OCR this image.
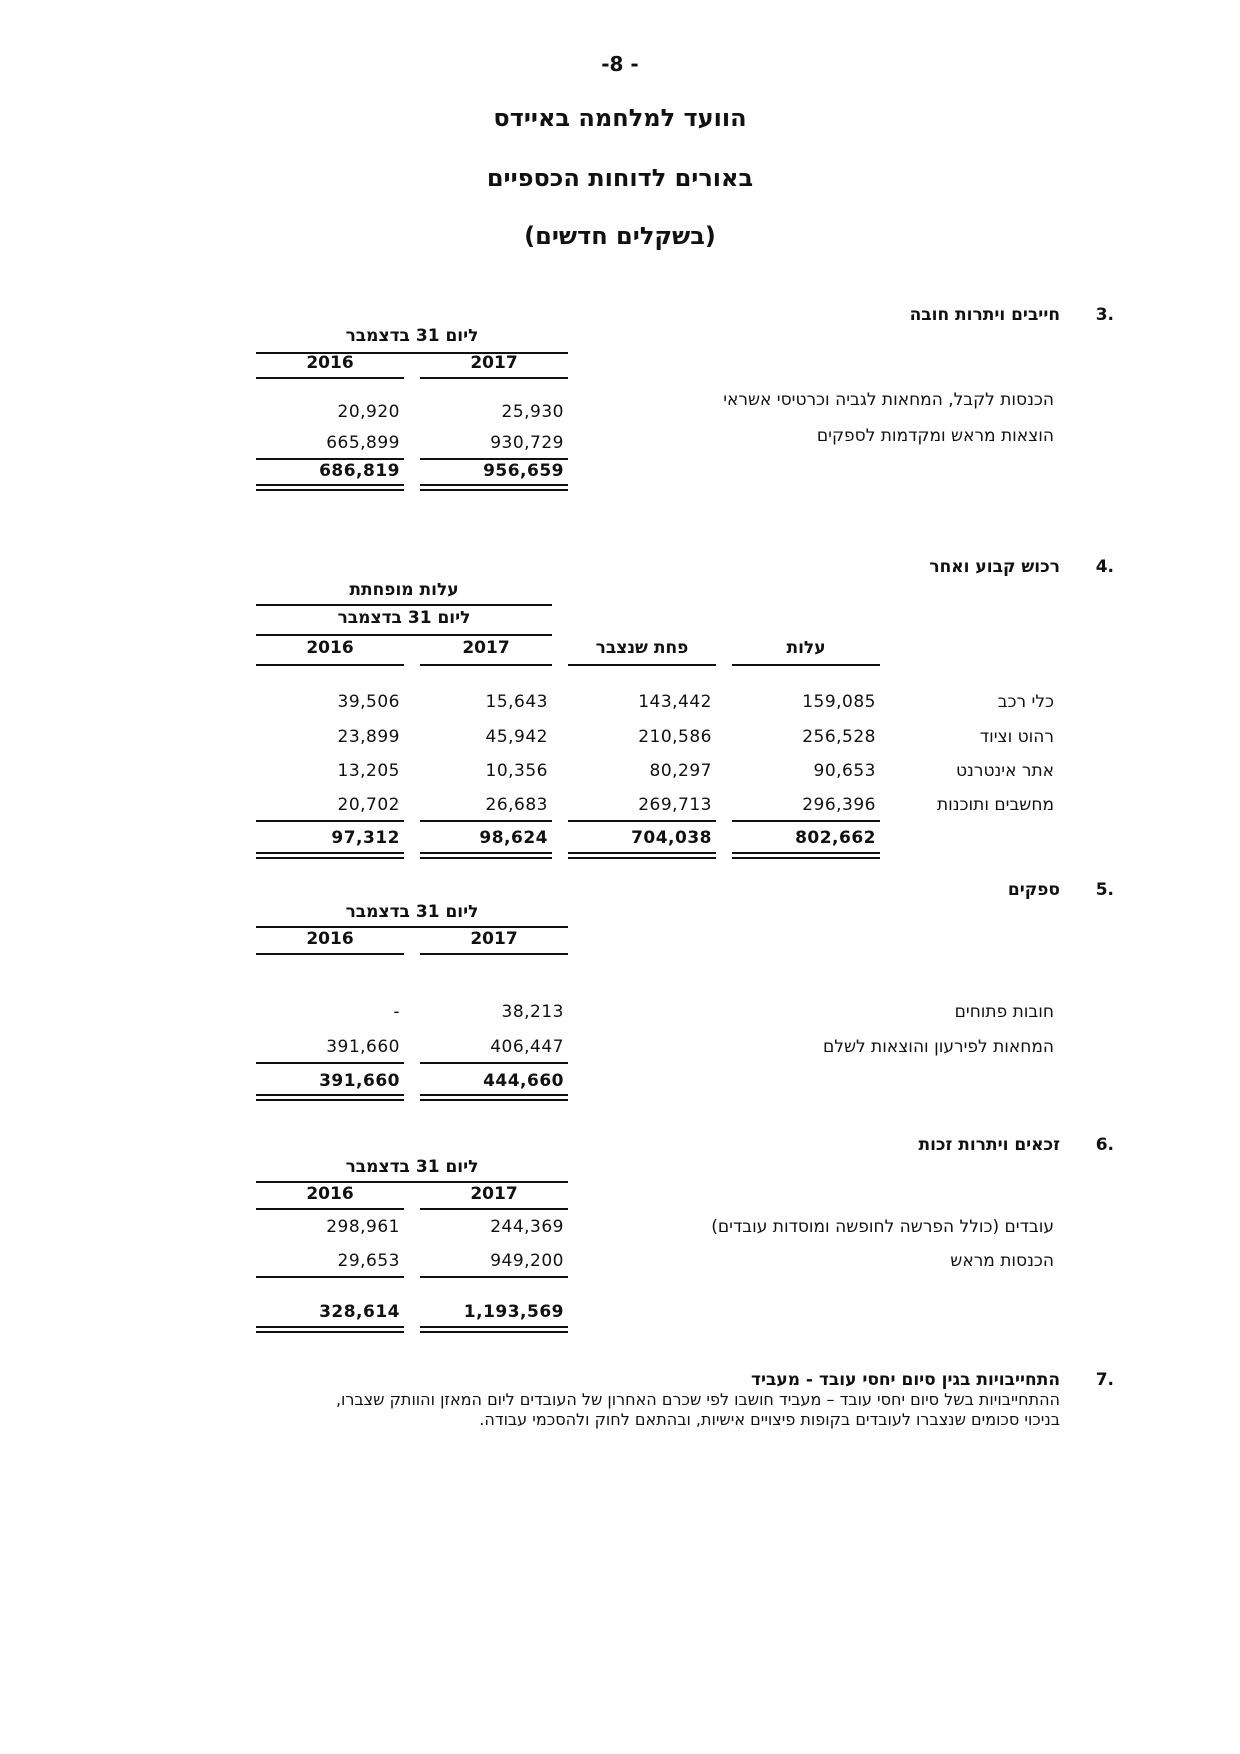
-8 -
הוועד למלחמה באיידס
באורים לדוחות הכספיים
(בשקלים חדשים)
3.
חייבים ויתרות חובה
ליום 31 בדצמבר
2017
2016
הכנסות לקבל, המחאות לגביה וכרטיסי אשראי
25,930
20,920
הוצאות מראש ומקדמות לספקים
930,729
665,899
956,659
686,819
4.
רכוש קבוע ואחר
עלות מופחתת
ליום 31 בדצמבר
עלות
פחת שנצבר
2017
2016
כלי רכב
159,085
143,442
15,643
39,506
רהוט וציוד
256,528
210,586
45,942
23,899
אתר אינטרנט
90,653
80,297
10,356
13,205
מחשבים ותוכנות
296,396
269,713
26,683
20,702
802,662
704,038
98,624
97,312
5.
ספקים
ליום 31 בדצמבר
2017
2016
חובות פתוחים
38,213
-
המחאות לפירעון והוצאות לשלם
406,447
391,660
444,660
391,660
6.
זכאים ויתרות זכות
ליום 31 בדצמבר
2017
2016
עובדים (כולל הפרשה לחופשה ומוסדות עובדים)
244,369
298,961
הכנסות מראש
949,200
29,653
1,193,569
328,614
7.
התחייבויות בגין סיום יחסי עובד - מעביד
ההתחייבויות בשל סיום יחסי עובד – מעביד חושבו לפי שכרם האחרון של העובדים ליום המאזן והוותק שצברו,
בניכוי סכומים שנצברו לעובדים בקופות פיצויים אישיות, ובהתאם לחוק ולהסכמי עבודה.
